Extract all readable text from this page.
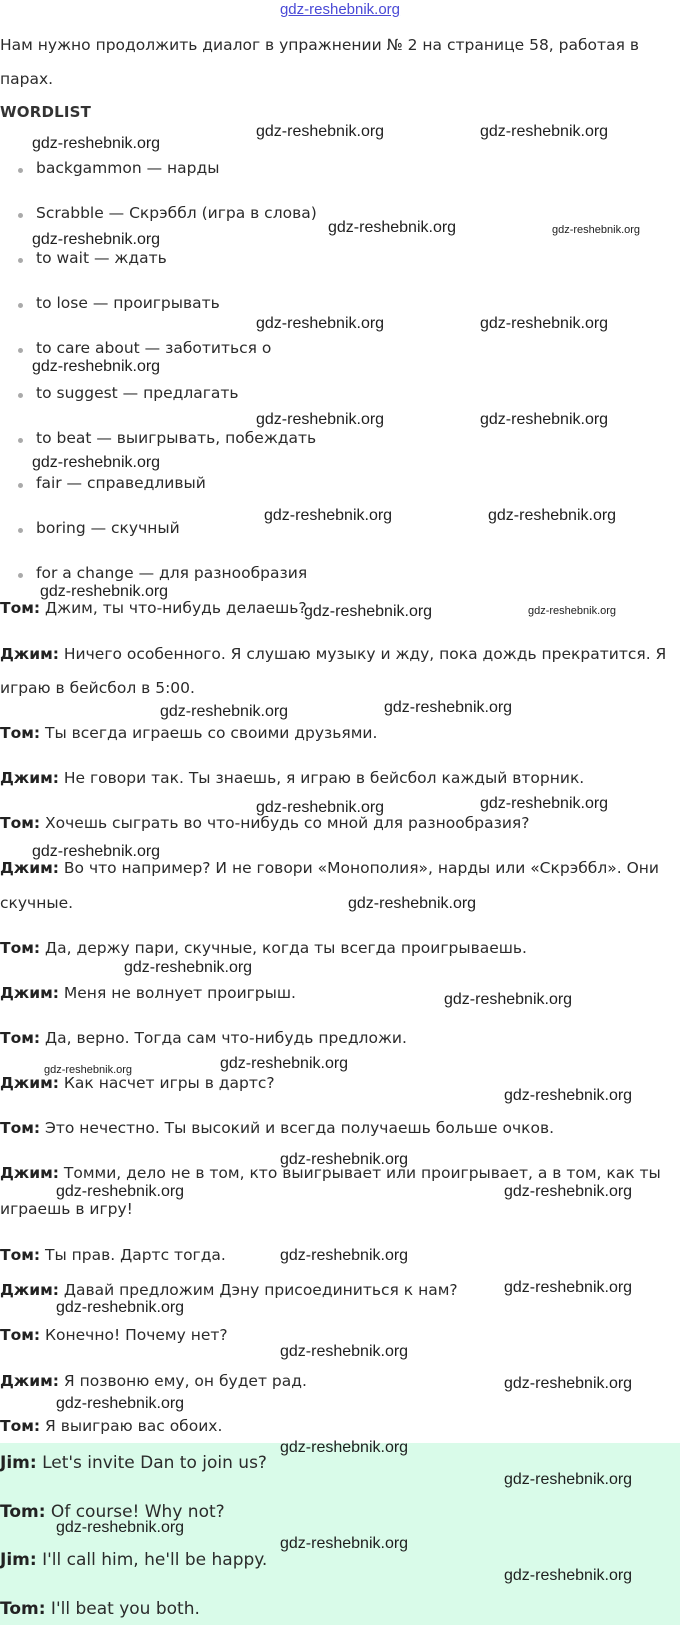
gdz-reshebnik.org
Нам нужно продолжить диалог в упражнении № 2 на странице 58, работая в
парах.
WORDLIST
backgammon — нарды
Scrabble — Скрэббл (игра в слова)
to wait — ждать
to lose — проигрывать
to care about — заботиться о
to suggest — предлагать
to beat — выигрывать, побеждать
fair — справедливый
boring — скучный
for a change — для разнообразия
Том: Джим, ты что-нибудь делаешь?
Джим: Ничего особенного. Я слушаю музыку и жду, пока дождь прекратится. Я
играю в бейсбол в 5:00.
Том: Ты всегда играешь со своими друзьями.
Джим: Не говори так. Ты знаешь, я играю в бейсбол каждый вторник.
Том: Хочешь сыграть во что-нибудь со мной для разнообразия?
Джим: Во что например? И не говори «Монополия», нарды или «Скрэббл». Они
скучные.
Том: Да, держу пари, скучные, когда ты всегда проигрываешь.
Джим: Меня не волнует проигрыш.
Том: Да, верно. Тогда сам что-нибудь предложи.
Джим: Как насчет игры в дартс?
Том: Это нечестно. Ты высокий и всегда получаешь больше очков.
Джим: Томми, дело не в том, кто выигрывает или проигрывает, а в том, как ты
играешь в игру!
Том: Ты прав. Дартс тогда.
Джим: Давай предложим Дэну присоединиться к нам?
Том: Конечно! Почему нет?
Джим: Я позвоню ему, он будет рад.
Том: Я выиграю вас обоих.
Jim: Let's invite Dan to join us?
Tom: Of course! Why not?
Jim: I'll call him, he'll be happy.
Tom: I'll beat you both.
gdz-reshebnik.org
gdz-reshebnik.org	gdz-reshebnik.org
gdz-reshebnik.org	gdz-reshebnik.org
gdz-reshebnik.org
gdz-reshebnik.org	gdz-reshebnik.org
gdz-reshebnik.org
gdz-reshebnik.org	gdz-reshebnik.org
gdz-reshebnik.org
gdz-reshebnik.org	gdz-reshebnik.org
gdz-reshebnik.org
gdz-reshebnik.org	gdz-reshebnik.org
gdz-reshebnik.org	gdz-reshebnik.org
gdz-reshebnik.org	gdz-reshebnik.org
gdz-reshebnik.org
gdz-reshebnik.org
gdz-reshebnik.org
gdz-reshebnik.org
gdz-reshebnik.org	gdz-reshebnik.org
gdz-reshebnik.org
gdz-reshebnik.org
gdz-reshebnik.org	gdz-reshebnik.org
gdz-reshebnik.org
gdz-reshebnik.org
gdz-reshebnik.org
gdz-reshebnik.org
gdz-reshebnik.org
gdz-reshebnik.org
gdz-reshebnik.org
gdz-reshebnik.org
gdz-reshebnik.org
gdz-reshebnik.org
gdz-reshebnik.org
